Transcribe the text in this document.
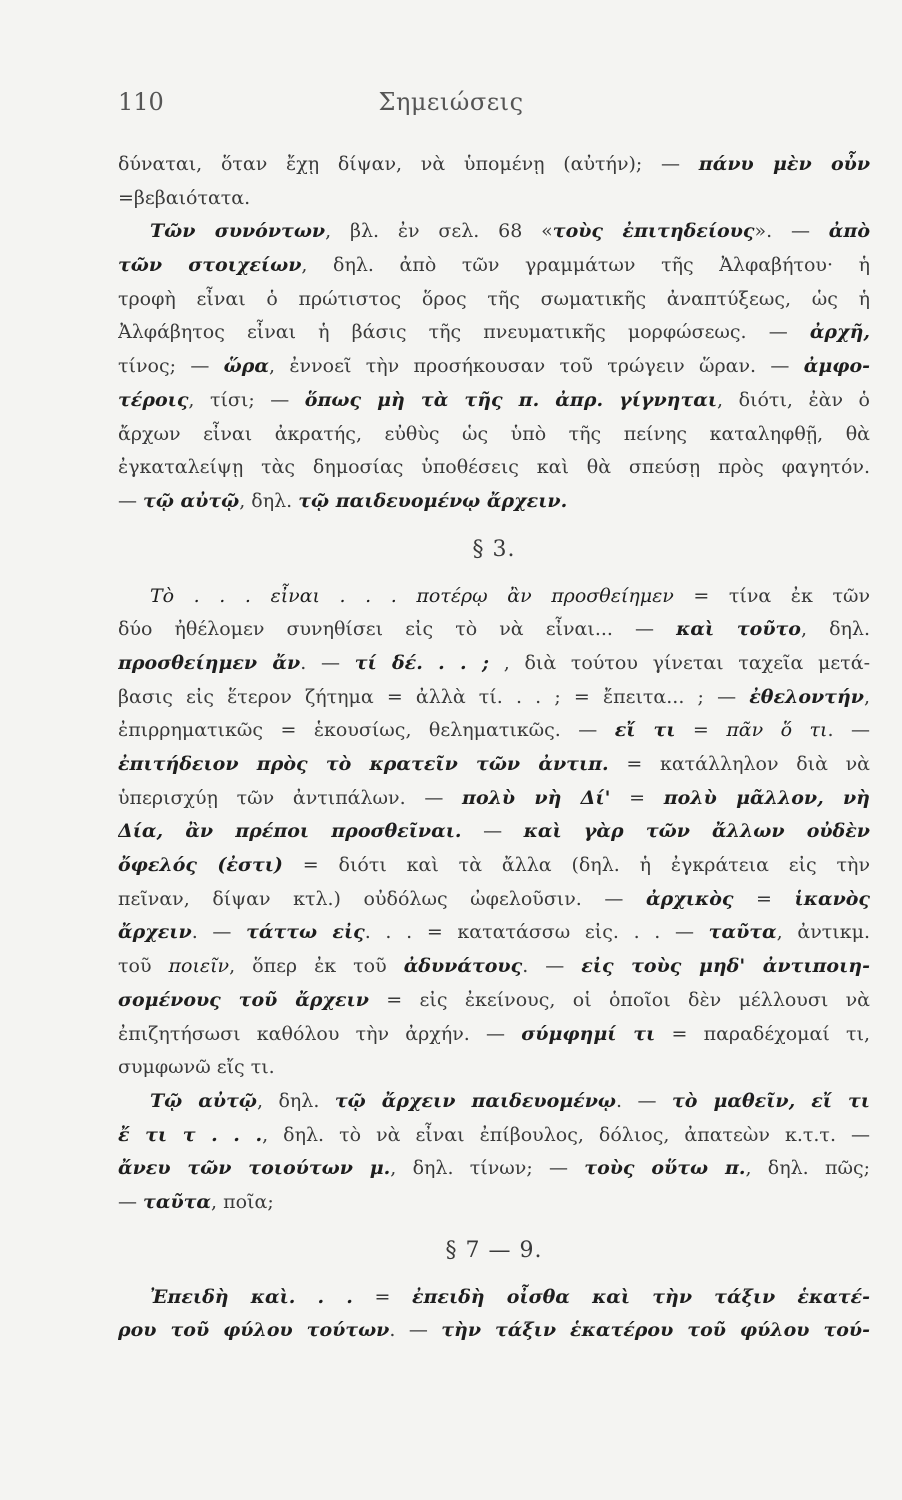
110	Σημειώσεις
δύναται, ὅταν ἔχῃ δίψαν, νὰ ὑπομένῃ (αὐτήν); — πάνυ μὲν οὖν
=βεβαιότατα.
Τῶν συνόντων, βλ. ἐν σελ. 68 «τοὺς ἐπιτηδείους». — ἀπὸ
τῶν στοιχείων, δηλ. ἀπὸ τῶν γραμμάτων τῆς Ἀλφαβήτου· ἡ
τροφὴ εἶναι ὁ πρώτιστος ὅρος τῆς σωματικῆς ἀναπτύξεως, ὡς ἡ
Ἀλφάβητος εἶναι ἡ βάσις τῆς πνευματικῆς μορφώσεως. — ἀρχῆ,
τίνος; — ὥρα, ἐννοεῖ τὴν προσήκουσαν τοῦ τρώγειν ὥραν. — ἀμφο-
τέροις, τίσι; — ὅπως μὴ τὰ τῆς π. ἀπρ. γίγνηται, διότι, ἐὰν ὁ
ἄρχων εἶναι ἀκρατής, εὐθὺς ὡς ὑπὸ τῆς πείνης καταληφθῇ, θὰ
ἐγκαταλείψῃ τὰς δημοσίας ὑποθέσεις καὶ θὰ σπεύσῃ πρὸς φαγητόν.
— τῷ αὐτῷ, δηλ. τῷ παιδευομένῳ ἄρχειν.
§ 3.
Τὸ . . . εἶναι . . . ποτέρῳ ἂν προσθείημεν = τίνα ἐκ τῶν
δύο ἠθέλομεν συνηθίσει εἰς τὸ νὰ εἶναι... — καὶ τοῦτο, δηλ.
προσθείημεν ἄν. — τί δέ. . . ; , διὰ τούτου γίνεται ταχεῖα μετά-
βασις εἰς ἕτερον ζήτημα = ἀλλὰ τί. . . ; = ἔπειτα... ; — ἐθελοντήν,
ἐπιρρηματικῶς = ἑκουσίως, θεληματικῶς. — εἴ τι = πᾶν ὅ τι. —
ἐπιτήδειον πρὸς τὸ κρατεῖν τῶν ἀντιπ. = κατάλληλον διὰ νὰ
ὑπερισχύῃ τῶν ἀντιπάλων. — πολὺ νὴ Δί' = πολὺ μᾶλλον, νὴ
Δία, ἂν πρέποι προσθεῖναι. — καὶ γὰρ τῶν ἄλλων οὐδὲν
ὄφελός (ἐστι) = διότι καὶ τὰ ἄλλα (δηλ. ἡ ἐγκράτεια εἰς τὴν
πεῖναν, δίψαν κτλ.) οὐδόλως ὠφελοῦσιν. — ἀρχικὸς = ἱκανὸς
ἄρχειν. — τάττω εἰς. . . = κατατάσσω εἰς. . . — ταῦτα, ἀντικμ.
τοῦ ποιεῖν, ὅπερ ἐκ τοῦ ἀδυνάτους. — εἰς τοὺς μηδ' ἀντιποιη-
σομένους τοῦ ἄρχειν = εἰς ἐκείνους, οἱ ὁποῖοι δὲν μέλλουσι νὰ
ἐπιζητήσωσι καθόλου τὴν ἀρχήν. — σύμφημί τι = παραδέχομαί τι,
συμφωνῶ εἴς τι.
Τῷ αὐτῷ, δηλ. τῷ ἄρχειν παιδευομένῳ. — τὸ μαθεῖν, εἴ τι
ἔ τι τ . . ., δηλ. τὸ νὰ εἶναι ἐπίβουλος, δόλιος, ἀπατεὼν κ.τ.τ. —
ἄνευ τῶν τοιούτων μ., δηλ. τίνων; — τοὺς οὕτω π., δηλ. πῶς;
— ταῦτα, ποῖα;
§ 7 — 9.
Ἐπειδὴ καὶ. . . = ἐπειδὴ οἶσθα καὶ τὴν τάξιν ἑκατέ-
ρου τοῦ φύλου τούτων. — τὴν τάξιν ἑκατέρου τοῦ φύλου τού-
